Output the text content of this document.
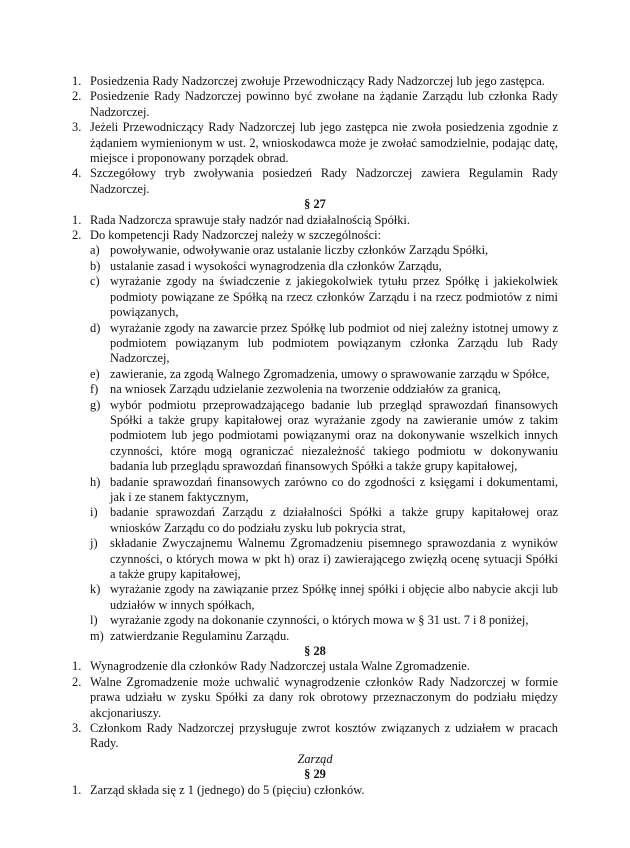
1. Posiedzenia Rady Nadzorczej zwołuje Przewodniczący Rady Nadzorczej lub jego zastępca.
2. Posiedzenie Rady Nadzorczej powinno być zwołane na żądanie Zarządu lub członka Rady Nadzorczej.
3. Jeżeli Przewodniczący Rady Nadzorczej lub jego zastępca nie zwoła posiedzenia zgodnie z żądaniem wymienionym w ust. 2, wnioskodawca może je zwołać samodzielnie, podając datę, miejsce i proponowany porządek obrad.
4. Szczegółowy tryb zwoływania posiedzeń Rady Nadzorczej zawiera Regulamin Rady Nadzorczej.
§ 27
1. Rada Nadzorcza sprawuje stały nadzór nad działalnością Spółki.
2. Do kompetencji Rady Nadzorczej należy w szczególności:
a) powoływanie, odwoływanie oraz ustalanie liczby członków Zarządu Spółki,
b) ustalanie zasad i wysokości wynagrodzenia dla członków Zarządu,
c) wyrażanie zgody na świadczenie z jakiegokolwiek tytułu przez Spółkę i jakiekolwiek podmioty powiązane ze Spółką na rzecz członków Zarządu i na rzecz podmiotów z nimi powiązanych,
d) wyrażanie zgody na zawarcie przez Spółkę lub podmiot od niej zależny istotnej umowy z podmiotem powiązanym lub podmiotem powiązanym członka Zarządu lub Rady Nadzorczej,
e) zawieranie, za zgodą Walnego Zgromadzenia, umowy o sprawowanie zarządu w Spółce,
f) na wniosek Zarządu udzielanie zezwolenia na tworzenie oddziałów za granicą,
g) wybór podmiotu przeprowadzającego badanie lub przegląd sprawozdań finansowych Spółki a także grupy kapitałowej oraz wyrażanie zgody na zawieranie umów z takim podmiotem lub jego podmiotami powiązanymi oraz na dokonywanie wszelkich innych czynności, które mogą ograniczać niezależność takiego podmiotu w dokonywaniu badania lub przeglądu sprawozdań finansowych Spółki a także grupy kapitałowej,
h) badanie sprawozdań finansowych zarówno co do zgodności z księgami i dokumentami, jak i ze stanem faktycznym,
i) badanie sprawozdań Zarządu z działalności Spółki a także grupy kapitałowej oraz wniosków Zarządu co do podziału zysku lub pokrycia strat,
j) składanie Zwyczajnemu Walnemu Zgromadzeniu pisemnego sprawozdania z wyników czynności, o których mowa w pkt h) oraz i) zawierającego zwięzłą ocenę sytuacji Spółki a także grupy kapitałowej,
k) wyrażanie zgody na zawiązanie przez Spółkę innej spółki i objęcie albo nabycie akcji lub udziałów w innych spółkach,
l) wyrażanie zgody na dokonanie czynności, o których mowa w § 31 ust. 7 i 8 poniżej,
m) zatwierdzanie Regulaminu Zarządu.
§ 28
1. Wynagrodzenie dla członków Rady Nadzorczej ustala Walne Zgromadzenie.
2. Walne Zgromadzenie może uchwalić wynagrodzenie członków Rady Nadzorczej w formie prawa udziału w zysku Spółki za dany rok obrotowy przeznaczonym do podziału między akcjonariuszy.
3. Członkom Rady Nadzorczej przysługuje zwrot kosztów związanych z udziałem w pracach Rady.
Zarząd
§ 29
1. Zarząd składa się z 1 (jednego) do 5 (pięciu) członków.
